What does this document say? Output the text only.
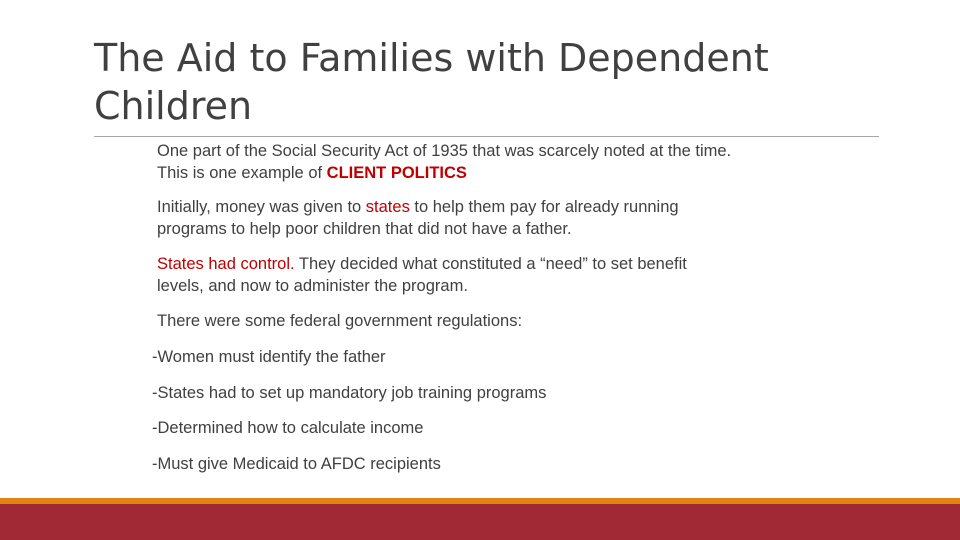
The Aid to Families with Dependent Children

One part of the Social Security Act of 1935 that was scarcely noted at the time.
This is one example of CLIENT POLITICS

Initially, money was given to states to help them pay for already running
programs to help poor children that did not have a father.

States had control. They decided what constituted a “need” to set benefit
levels, and now to administer the program.

There were some federal government regulations:

-Women must identify the father

-States had to set up mandatory job training programs

-Determined how to calculate income

-Must give Medicaid to AFDC recipients
